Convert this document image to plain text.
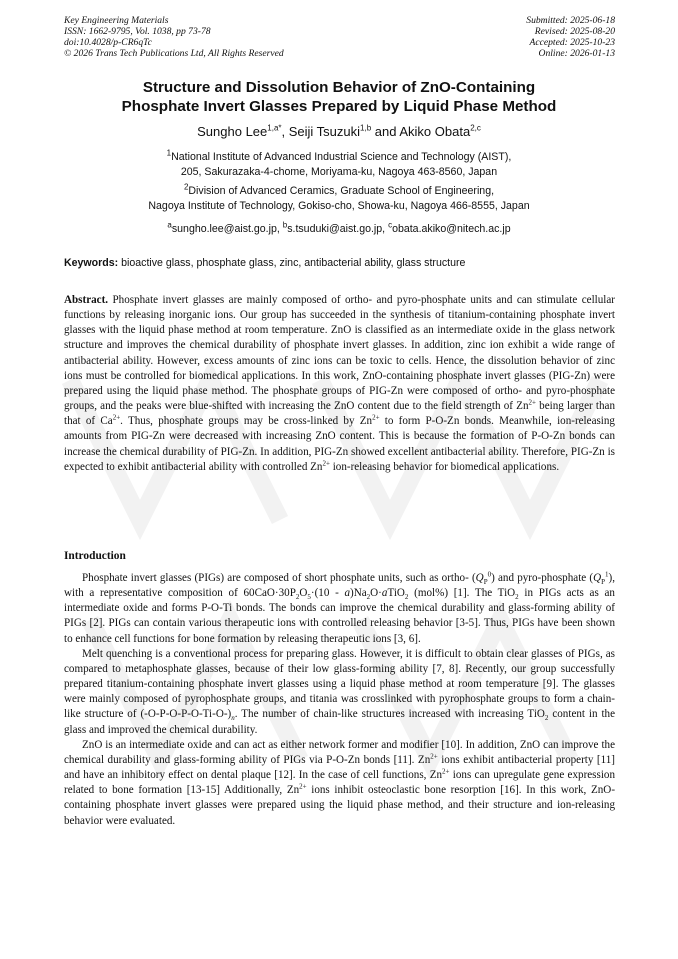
Key Engineering Materials
ISSN: 1662-9795, Vol. 1038, pp 73-78
doi:10.4028/p-CR6qTc
© 2026 Trans Tech Publications Ltd, All Rights Reserved
Submitted: 2025-06-18
Revised: 2025-08-20
Accepted: 2025-10-23
Online: 2026-01-13
Structure and Dissolution Behavior of ZnO-Containing
Phosphate Invert Glasses Prepared by Liquid Phase Method
Sungho Lee$^{1,a*}$, Seiji Tsuzuki$^{1,b}$ and Akiko Obata$^{2,c}$
$^1$National Institute of Advanced Industrial Science and Technology (AIST),
205, Sakurazaka-4-chome, Moriyama-ku, Nagoya 463-8560, Japan
$^2$Division of Advanced Ceramics, Graduate School of Engineering,
Nagoya Institute of Technology, Gokiso-cho, Showa-ku, Nagoya 466-8555, Japan
$^a$sungho.lee@aist.go.jp, $^b$s.tsuduki@aist.go.jp, $^c$obata.akiko@nitech.ac.jp
Keywords: bioactive glass, phosphate glass, zinc, antibacterial ability, glass structure
Abstract. Phosphate invert glasses are mainly composed of ortho- and pyro-phosphate units and can stimulate cellular functions by releasing inorganic ions. Our group has succeeded in the synthesis of titanium-containing phosphate invert glasses with the liquid phase method at room temperature. ZnO is classified as an intermediate oxide in the glass network structure and improves the chemical durability of phosphate invert glasses. In addition, zinc ion exhibit a wide range of antibacterial ability. However, excess amounts of zinc ions can be toxic to cells. Hence, the dissolution behavior of zinc ions must be controlled for biomedical applications. In this work, ZnO-containing phosphate invert glasses (PIG-Zn) were prepared using the liquid phase method. The phosphate groups of PIG-Zn were composed of ortho- and pyro-phosphate groups, and the peaks were blue-shifted with increasing the ZnO content due to the field strength of $Zn^{2+}$ being larger than that of $Ca^{2+}$. Thus, phosphate groups may be cross-linked by $Zn^{2+}$ to form P-O-Zn bonds. Meanwhile, ion-releasing amounts from PIG-Zn were decreased with increasing ZnO content. This is because the formation of P-O-Zn bonds can increase the chemical durability of PIG-Zn. In addition, PIG-Zn showed excellent antibacterial ability. Therefore, PIG-Zn is expected to exhibit antibacterial ability with controlled $Zn^{2+}$ ion-releasing behavior for biomedical applications.
Introduction

Phosphate invert glasses (PIGs) are composed of short phosphate units, such as ortho- $(Q_P^0)$ and pyro-phosphate $(Q_P^1)$, with a representative composition of $60CaO\cdot 30P_2O_5\cdot(10$ - $a)Na_2O\cdot aTiO_2$ (mol%) [1]. The TiO$_2$ in PIGs acts as an intermediate oxide and forms P-O-Ti bonds. The bonds can improve the chemical durability and glass-forming ability of PIGs [2]. PIGs can contain various therapeutic ions with controlled releasing behavior [3-5]. Thus, PIGs have been shown to enhance cell functions for bone formation by releasing therapeutic ions [3, 6].

Melt quenching is a conventional process for preparing glass. However, it is difficult to obtain clear glasses of PIGs, as compared to metaphosphate glasses, because of their low glass-forming ability [7, 8]. Recently, our group successfully prepared titanium-containing phosphate invert glasses using a liquid phase method at room temperature [9]. The glasses were mainly composed of pyrophosphate groups, and titania was crosslinked with pyrophosphate groups to form a chain-like structure of $(-O-P-O-P-O-Ti-O-)_n$. The number of chain-like structures increased with increasing TiO$_2$ content in the glass and improved the chemical durability.

ZnO is an intermediate oxide and can act as either network former and modifier [10]. In addition, ZnO can improve the chemical durability and glass-forming ability of PIGs via P-O-Zn bonds [11]. $Zn^{2+}$ ions exhibit antibacterial property [11] and have an inhibitory effect on dental plaque [12]. In the case of cell functions, $Zn^{2+}$ ions can upregulate gene expression related to bone formation [13-15] Additionally, $Zn^{2+}$ ions inhibit osteoclastic bone resorption [16]. In this work, ZnO-containing phosphate invert glasses were prepared using the liquid phase method, and their structure and ion-releasing behavior were evaluated.
